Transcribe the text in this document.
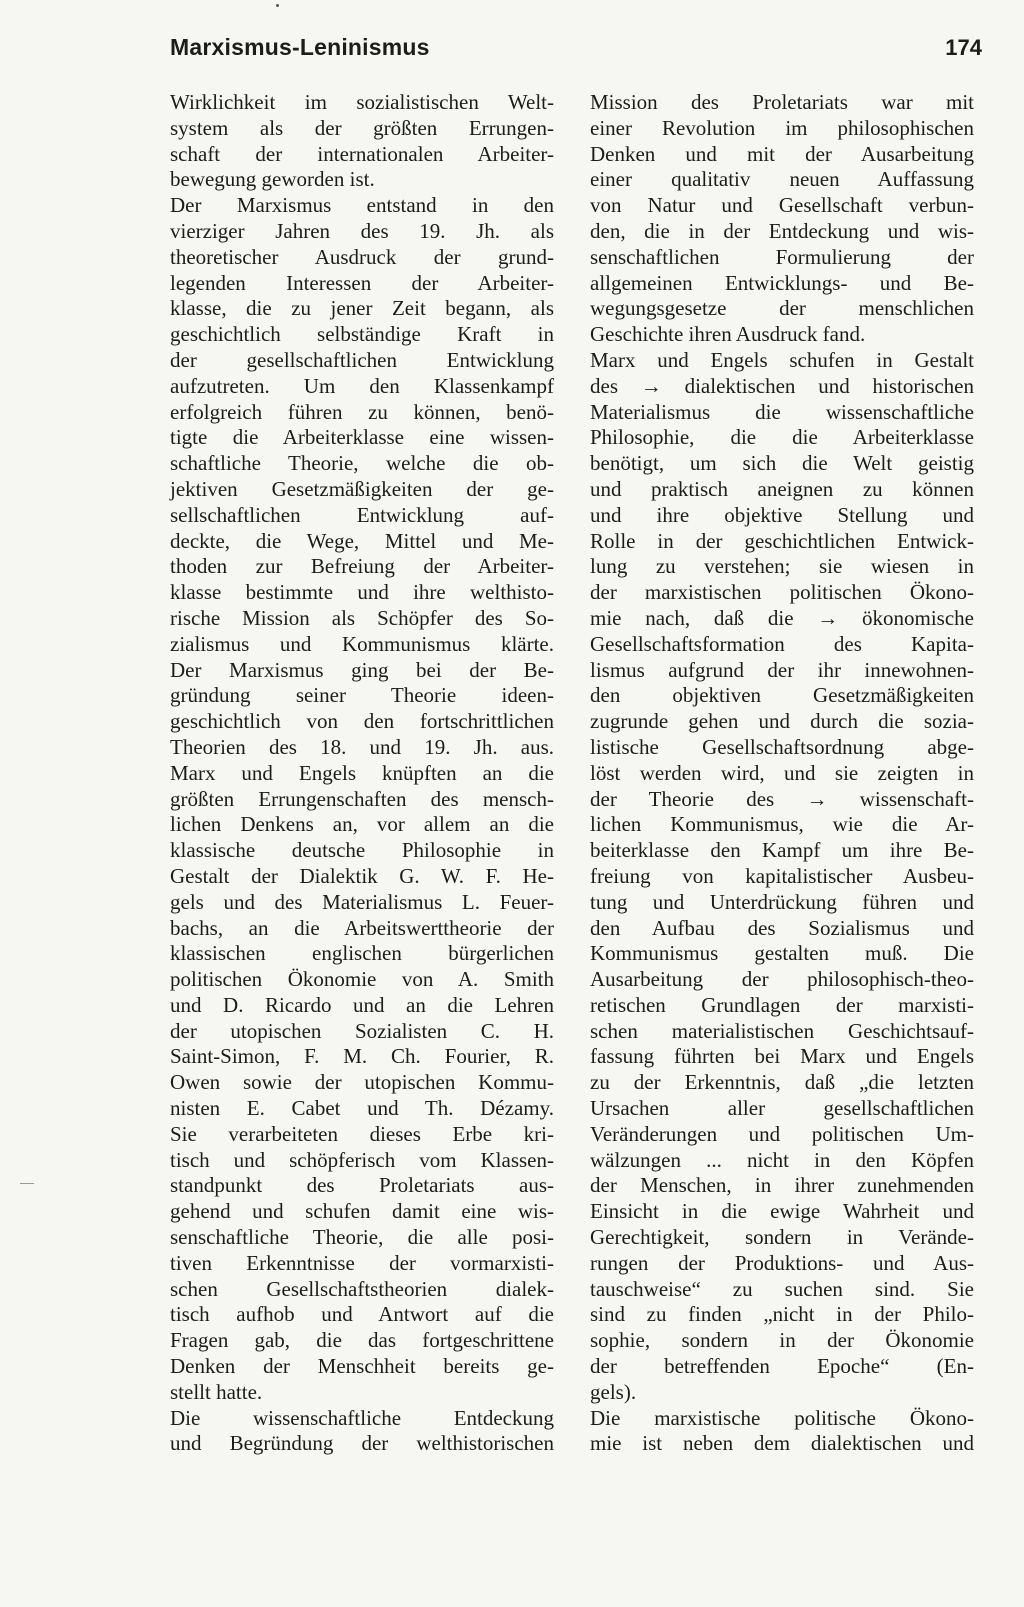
Marxismus-Leninismus	174
Wirklichkeit im sozialistischen Welt-
system als der größten Errungen-
schaft der internationalen Arbeiter-
bewegung geworden ist.
Der Marxismus entstand in den
vierziger Jahren des 19. Jh. als
theoretischer Ausdruck der grund-
legenden Interessen der Arbeiter-
klasse, die zu jener Zeit begann, als
geschichtlich selbständige Kraft in
der gesellschaftlichen Entwicklung
aufzutreten. Um den Klassenkampf
erfolgreich führen zu können, benö-
tigte die Arbeiterklasse eine wissen-
schaftliche Theorie, welche die ob-
jektiven Gesetzmäßigkeiten der ge-
sellschaftlichen Entwicklung auf-
deckte, die Wege, Mittel und Me-
thoden zur Befreiung der Arbeiter-
klasse bestimmte und ihre welthisto-
rische Mission als Schöpfer des So-
zialismus und Kommunismus klärte.
Der Marxismus ging bei der Be-
gründung seiner Theorie ideen-
geschichtlich von den fortschrittlichen
Theorien des 18. und 19. Jh. aus.
Marx und Engels knüpften an die
größten Errungenschaften des mensch-
lichen Denkens an, vor allem an die
klassische deutsche Philosophie in
Gestalt der Dialektik G. W. F. He-
gels und des Materialismus L. Feuer-
bachs, an die Arbeitswerttheorie der
klassischen englischen bürgerlichen
politischen Ökonomie von A. Smith
und D. Ricardo und an die Lehren
der utopischen Sozialisten C. H.
Saint-Simon, F. M. Ch. Fourier, R.
Owen sowie der utopischen Kommu-
nisten E. Cabet und Th. Dézamy.
Sie verarbeiteten dieses Erbe kri-
tisch und schöpferisch vom Klassen-
standpunkt des Proletariats aus-
gehend und schufen damit eine wis-
senschaftliche Theorie, die alle posi-
tiven Erkenntnisse der vormarxisti-
schen Gesellschaftstheorien dialek-
tisch aufhob und Antwort auf die
Fragen gab, die das fortgeschrittene
Denken der Menschheit bereits ge-
stellt hatte.
Die wissenschaftliche Entdeckung
und Begründung der welthistorischen
Mission des Proletariats war mit
einer Revolution im philosophischen
Denken und mit der Ausarbeitung
einer qualitativ neuen Auffassung
von Natur und Gesellschaft verbun-
den, die in der Entdeckung und wis-
senschaftlichen Formulierung der
allgemeinen Entwicklungs- und Be-
wegungsgesetze der menschlichen
Geschichte ihren Ausdruck fand.
Marx und Engels schufen in Gestalt
des → dialektischen und historischen
Materialismus die wissenschaftliche
Philosophie, die die Arbeiterklasse
benötigt, um sich die Welt geistig
und praktisch aneignen zu können
und ihre objektive Stellung und
Rolle in der geschichtlichen Entwick-
lung zu verstehen; sie wiesen in
der marxistischen politischen Ökono-
mie nach, daß die → ökonomische
Gesellschaftsformation des Kapita-
lismus aufgrund der ihr innewohnen-
den objektiven Gesetzmäßigkeiten
zugrunde gehen und durch die sozia-
listische Gesellschaftsordnung abge-
löst werden wird, und sie zeigten in
der Theorie des → wissenschaft-
lichen Kommunismus, wie die Ar-
beiterklasse den Kampf um ihre Be-
freiung von kapitalistischer Ausbeu-
tung und Unterdrückung führen und
den Aufbau des Sozialismus und
Kommunismus gestalten muß. Die
Ausarbeitung der philosophisch-theo-
retischen Grundlagen der marxisti-
schen materialistischen Geschichtsauf-
fassung führten bei Marx und Engels
zu der Erkenntnis, daß „die letzten
Ursachen aller gesellschaftlichen
Veränderungen und politischen Um-
wälzungen ... nicht in den Köpfen
der Menschen, in ihrer zunehmenden
Einsicht in die ewige Wahrheit und
Gerechtigkeit, sondern in Verände-
rungen der Produktions- und Aus-
tauschweise“ zu suchen sind. Sie
sind zu finden „nicht in der Philo-
sophie, sondern in der Ökonomie
der betreffenden Epoche“ (En-
gels).
Die marxistische politische Ökono-
mie ist neben dem dialektischen und
